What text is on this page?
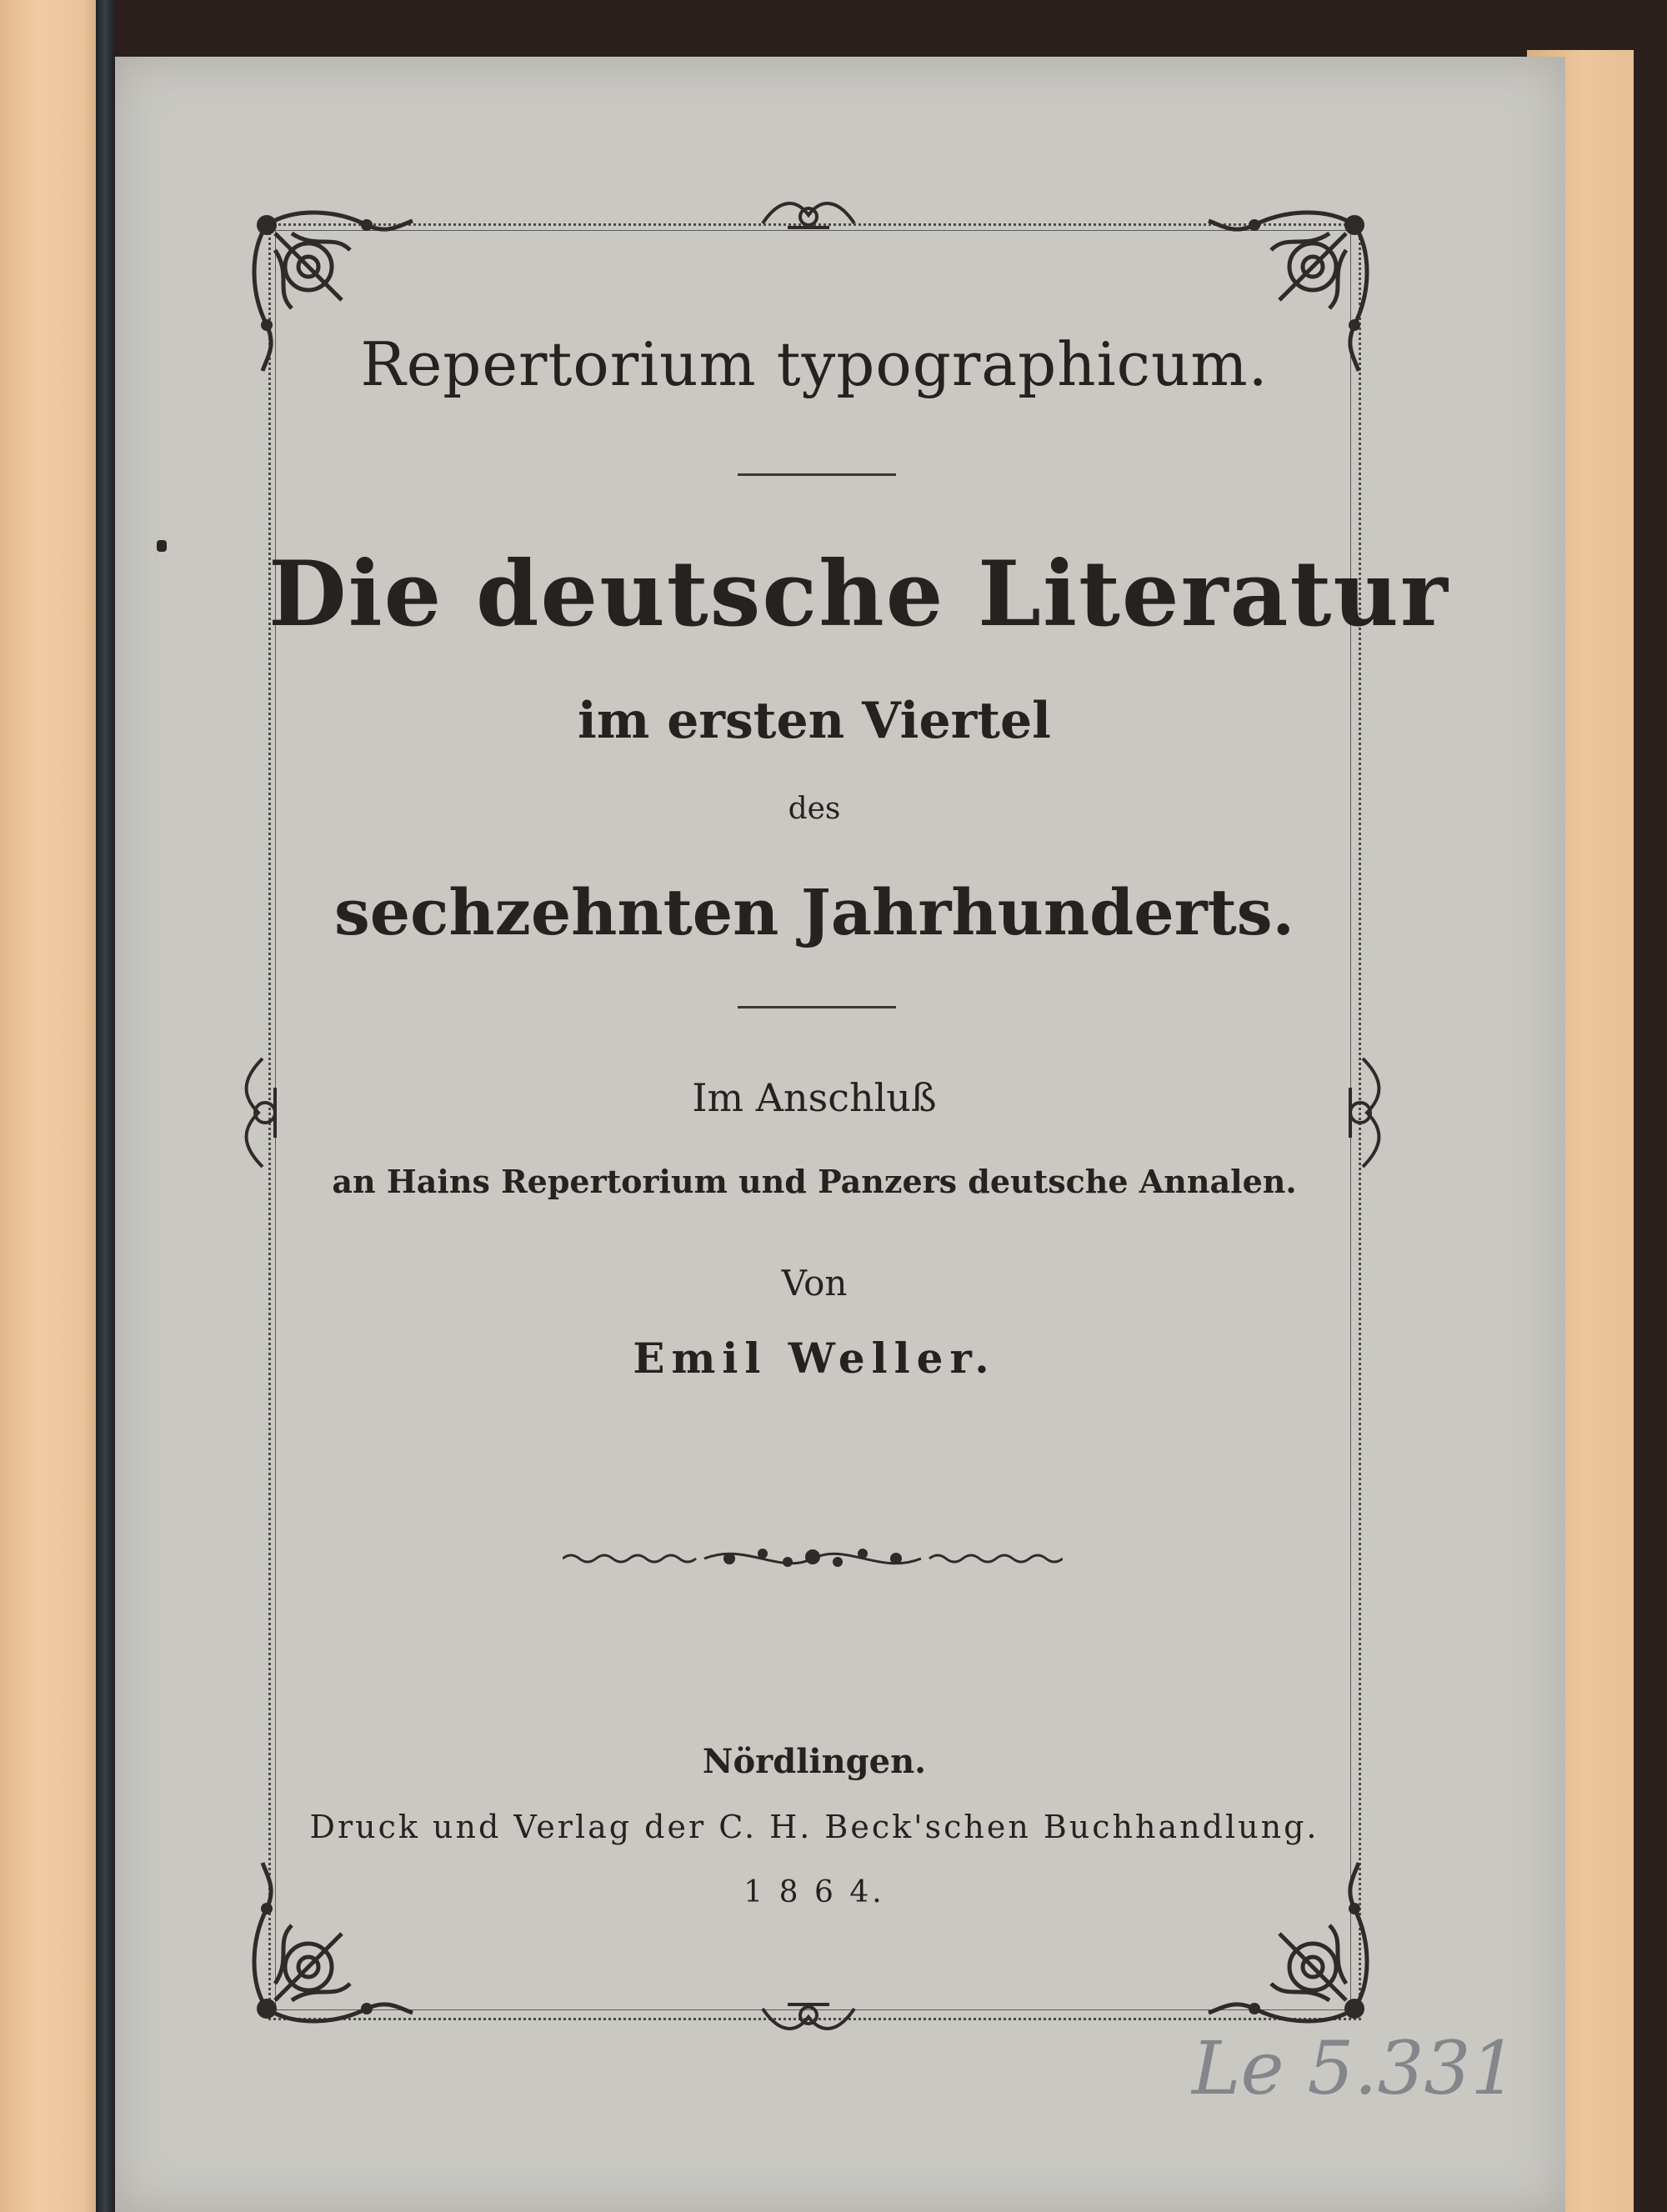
Repertorium typographicum.
Die deutsche Literatur
im ersten Viertel
des
sechzehnten Jahrhunderts.
Im Anschluß
an Hains Repertorium und Panzers deutsche Annalen.
Von
Emil Weller.
Nördlingen.
Druck und Verlag der C. H. Beck'schen Buchhandlung.
1 8 6 4.
Le 5.331
